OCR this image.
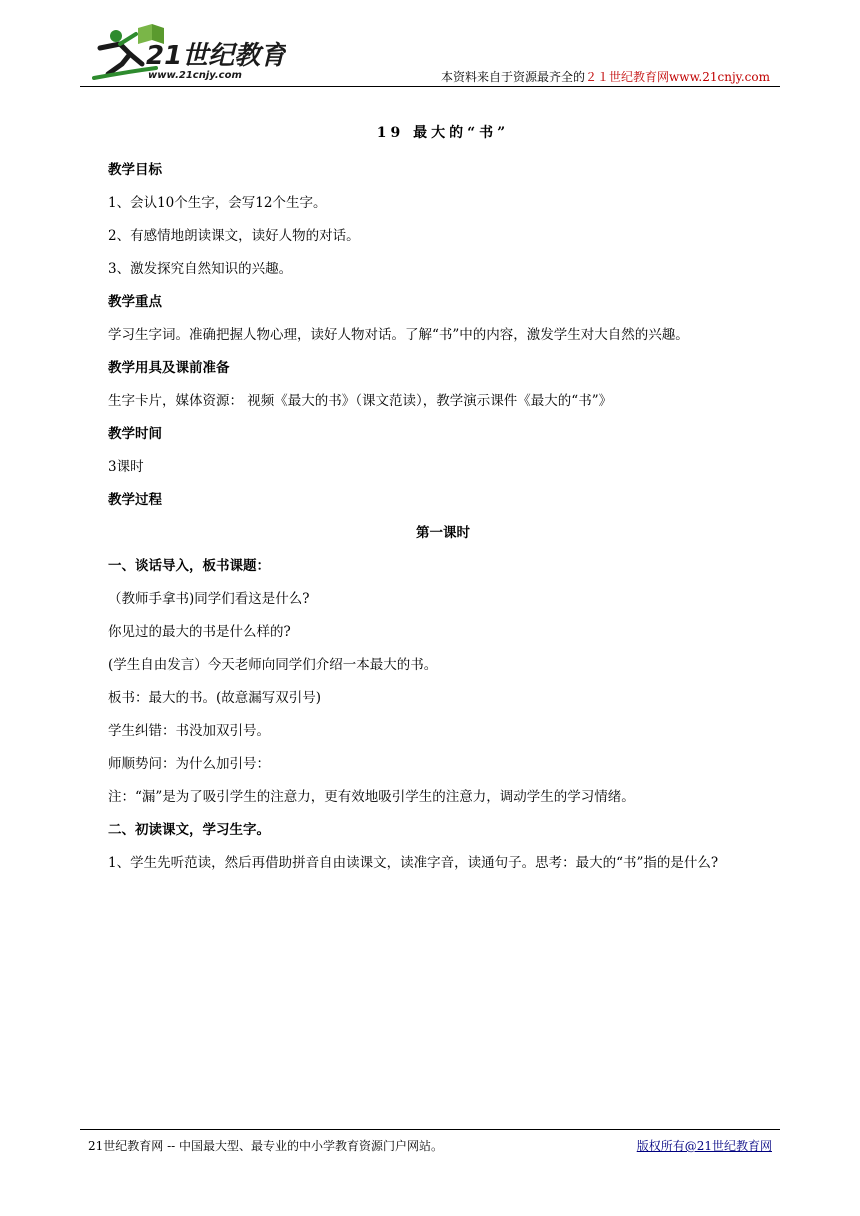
21世纪教育
www.21cnjy.com	本资料来自于资源最齐全的２１世纪教育网www.21cnjy.com
19 最大的“书”
教学目标
1、会认10个生字，会写12个生字。
2、有感情地朗读课文，读好人物的对话。
3、激发探究自然知识的兴趣。
教学重点
学习生字词。准确把握人物心理，读好人物对话。了解“书”中的内容，激发学生对大自然的兴趣。
教学用具及课前准备
生字卡片，媒体资源： 视频《最大的书》（课文范读），教学演示课件《最大的“书”》
教学时间
3课时
教学过程
第一课时
一、谈话导入，板书课题：
（教师手拿书)同学们看这是什么?
你见过的最大的书是什么样的?
(学生自由发言）今天老师向同学们介绍一本最大的书。
板书：最大的书。(故意漏写双引号)
学生纠错：书没加双引号。
师顺势问：为什么加引号：
注：“漏”是为了吸引学生的注意力，更有效地吸引学生的注意力，调动学生的学习情绪。
二、初读课文，学习生字。
1、学生先听范读，然后再借助拼音自由读课文，读准字音，读通句子。思考：最大的“书”指的是什么?
21世纪教育网 -- 中国最大型、最专业的中小学教育资源门户网站。	版权所有@21世纪教育网
